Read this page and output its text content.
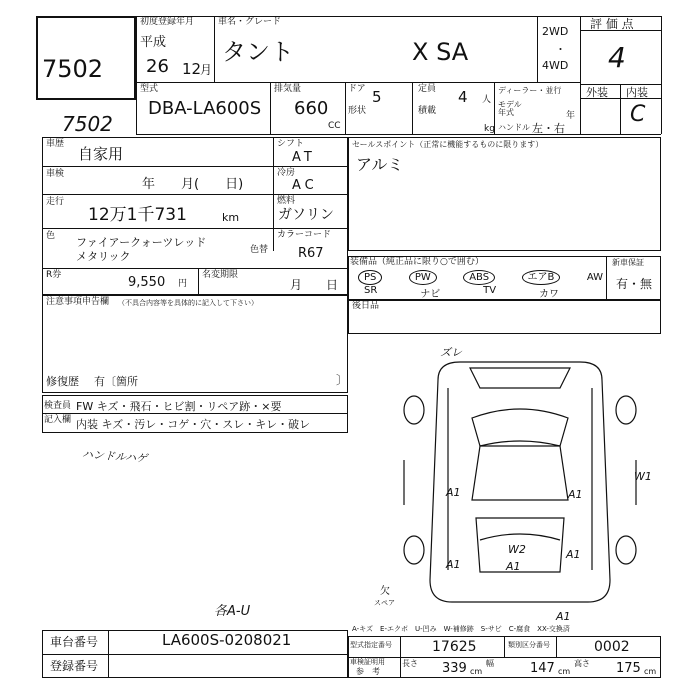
7502
7502
初度登録年月
平成
26 12
月
車名・グレード
タント	X SA
2WD
・
4WD
評 価 点
4
型式
DBA-LA600S
排気量
660
CC
ドア 5
形状
定員 4 人
積載
kg
ディーラー・並行
モデル
年式	年
ハンドル 左・右
外装 内装
C
車歴
自家用
車検
年　　月(　　日)
走行
12万1千731	km
色 ファイアークォーツレッド
メタリック	色替
R券	9,550 円
名変期限
月　　日
シフト
AT
冷房
AC
燃料
ガソリン
カラーコード
R67
セールスポイント（正常に機能するものに限ります）
アルミ
装備品（純正品に限り○で囲む）
PS	PW	ABS	エアB	AW
SR	ナビ	TV	カワ
新車保証
有・無
後日品
注意事項申告欄 （不具合内容等を具体的に記入して下さい）
修復歴 有〔箇所	〕
検査員
記入欄
FW キズ・飛石・ヒビ割・リペア跡・×要
内装 キズ・汚レ・コゲ・穴・スレ・キレ・破レ
ハンドルハゲ
各A-U
ズレ
A1	A1
W1
W2
A1
A1
A1
A1
欠
スペア
A-キズ　E-エクボ　U-凹み　W-補修跡　S-サビ　C-腐食　XX-交換済
車台番号	LA600S-0208021
登録番号
型式指定番号	17625	類別区分番号	0002
車検証明用
参　考
長さ 339 cm
幅	147 cm
高さ 175 cm
